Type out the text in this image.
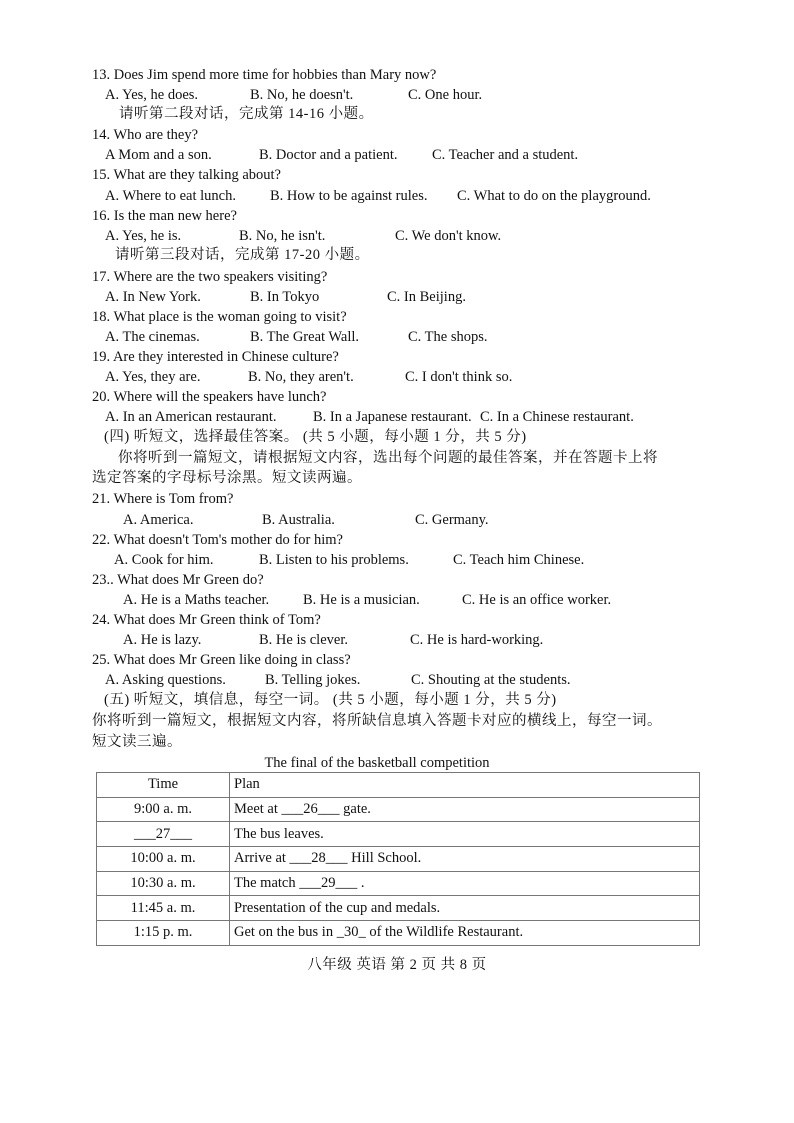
13. Does Jim spend more time for hobbies than Mary now?
A. Yes, he does.	B. No, he doesn't.	C. One hour.
请听第二段对话，完成第 14-16 小题。
14. Who are they?
A Mom and a son.	B. Doctor and a patient. C. Teacher and a student.
15. What are they talking about?
A. Where to eat lunch. B. How to be against rules. C. What to do on the playground.
16. Is the man new here?
A. Yes, he is.	B. No, he isn't.	C. We don't know.
请听第三段对话，完成第 17-20 小题。
17. Where are the two speakers visiting?
A. In New York.	B. In Tokyo	C. In Beijing.
18. What place is the woman going to visit?
A. The cinemas.	B. The Great Wall.	C. The shops.
19. Are they interested in Chinese culture?
A. Yes, they are.	B. No, they aren't.	C. I don't think so.
20. Where will the speakers have lunch?
A. In an American restaurant.	B. In a Japanese restaurant. C. In a Chinese restaurant.
(四) 听短文，选择最佳答案。 (共 5 小题，每小题 1 分，共 5 分)
你将听到一篇短文，请根据短文内容，选出每个问题的最佳答案，并在答题卡上将
选定答案的字母标号涂黑。短文读两遍。
21. Where is Tom from?
A. America.	B. Australia.	C. Germany.
22. What doesn't Tom's mother do for him?
A. Cook for him.	B. Listen to his problems.	C. Teach him Chinese.
23.. What does Mr Green do?
A. He is a Maths teacher. B. He is a musician.	C. He is an office worker.
24. What does Mr Green think of Tom?
A. He is lazy.	B. He is clever.	C. He is hard-working.
25. What does Mr Green like doing in class?
A. Asking questions.	B. Telling jokes.	C. Shouting at the students.
(五) 听短文，填信息，每空一词。 (共 5 小题，每小题 1 分，共 5 分)
你将听到一篇短文，根据短文内容，将所缺信息填入答题卡对应的横线上，每空一词。
短文读三遍。
The final of the basketball competition
Time	Plan
9:00 a. m.	Meet at ___26___ gate.
___27___	The bus leaves.
10:00 a. m.	Arrive at ___28___ Hill School.
10:30 a. m.	The match ___29___ .
11:45 a. m.	Presentation of the cup and medals.
1:15 p. m.	Get on the bus in _30_ of the Wildlife Restaurant.
八年级 英语 第 2 页 共 8 页
